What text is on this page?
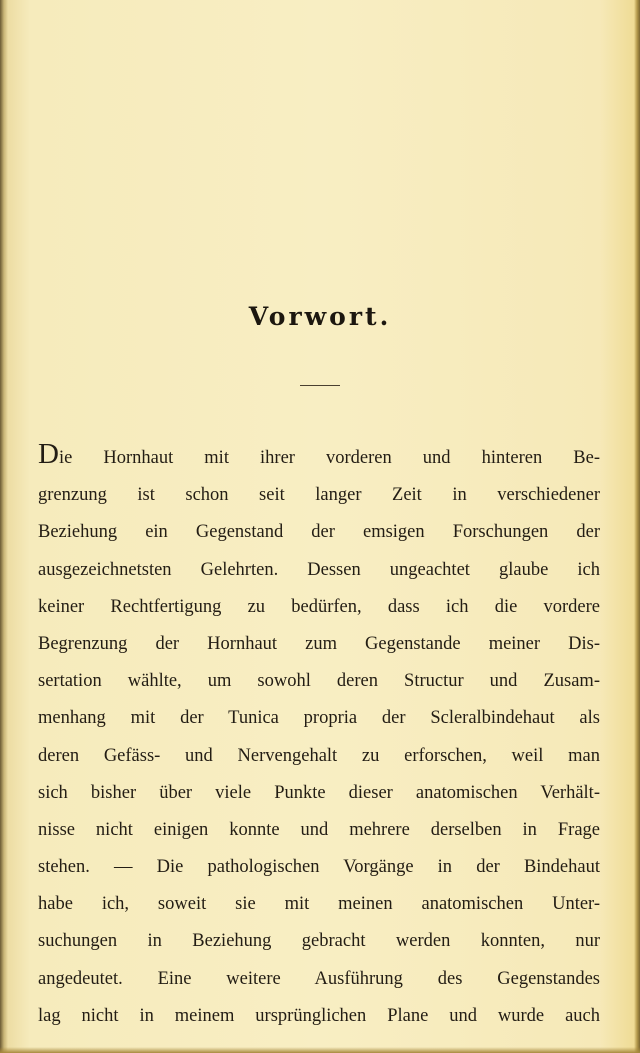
Vorwort.
Die Hornhaut mit ihrer vorderen und hinteren Be-
grenzung ist schon seit langer Zeit in verschiedener
Beziehung ein Gegenstand der emsigen Forschungen der
ausgezeichnetsten Gelehrten. Dessen ungeachtet glaube ich
keiner Rechtfertigung zu bedürfen, dass ich die vordere
Begrenzung der Hornhaut zum Gegenstande meiner Dis-
sertation wählte, um sowohl deren Structur und Zusam-
menhang mit der Tunica propria der Scleralbindehaut als
deren Gefäss- und Nervengehalt zu erforschen, weil man
sich bisher über viele Punkte dieser anatomischen Verhält-
nisse nicht einigen konnte und mehrere derselben in Frage
stehen. — Die pathologischen Vorgänge in der Bindehaut
habe ich, soweit sie mit meinen anatomischen Unter-
suchungen in Beziehung gebracht werden konnten, nur
angedeutet. Eine weitere Ausführung des Gegenstandes
lag nicht in meinem ursprünglichen Plane und wurde auch
